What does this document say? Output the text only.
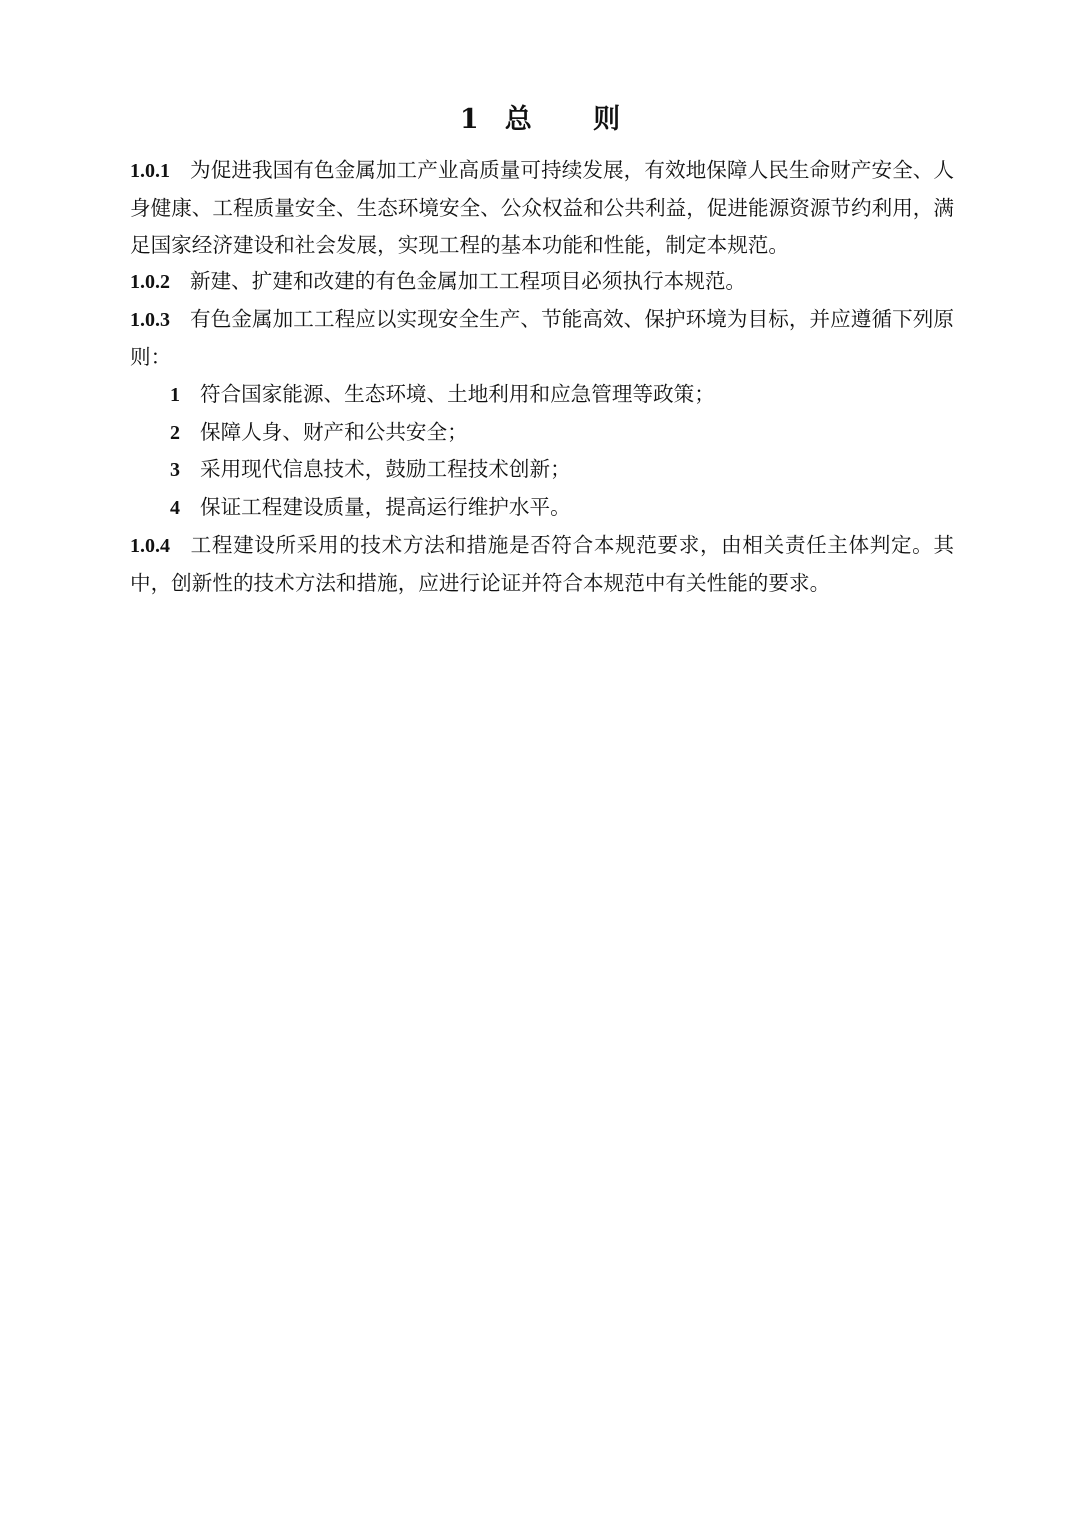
1 总 则

1.0.1 为促进我国有色金属加工产业高质量可持续发展，有效地保障人民生命财产安全、人身健康、工程质量安全、生态环境安全、公众权益和公共利益，促进能源资源节约利用，满足国家经济建设和社会发展，实现工程的基本功能和性能，制定本规范。

1.0.2 新建、扩建和改建的有色金属加工工程项目必须执行本规范。

1.0.3 有色金属加工工程应以实现安全生产、节能高效、保护环境为目标，并应遵循下列原则：

1 符合国家能源、生态环境、土地利用和应急管理等政策；

2 保障人身、财产和公共安全；

3 采用现代信息技术，鼓励工程技术创新；

4 保证工程建设质量，提高运行维护水平。

1.0.4 工程建设所采用的技术方法和措施是否符合本规范要求，由相关责任主体判定。其中，创新性的技术方法和措施，应进行论证并符合本规范中有关性能的要求。
